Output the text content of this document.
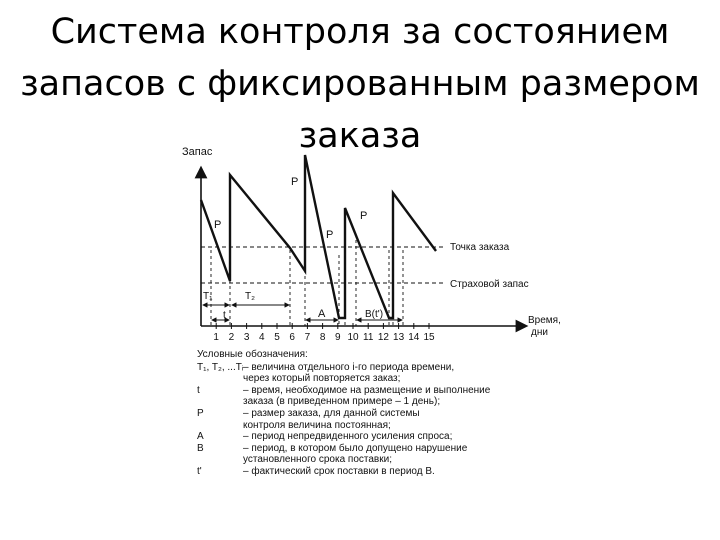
Система контроля за состоянием
запасов с фиксированным размером
заказа
Запас
Время,
дни
Точка заказа
Страховой запас
P
P
P
P
T₁	T₂
t	A	B(t')
1 2 3 4 5 6 7 8 9 10 11 12 13 14 15
Условные обозначения:
T₁, T₂, ...Tᵢ – величина отдельного i-го периода времени,
через который повторяется заказ;
t	– время, необходимое на размещение и выполнение
заказа (в приведенном примере – 1 день);
P	– размер заказа, для данной системы
контроля величина постоянная;
A	– период непредвиденного усиления спроса;
B	– период, в котором было допущено нарушение
установленного срока поставки;
t'	– фактический срок поставки в период B.
